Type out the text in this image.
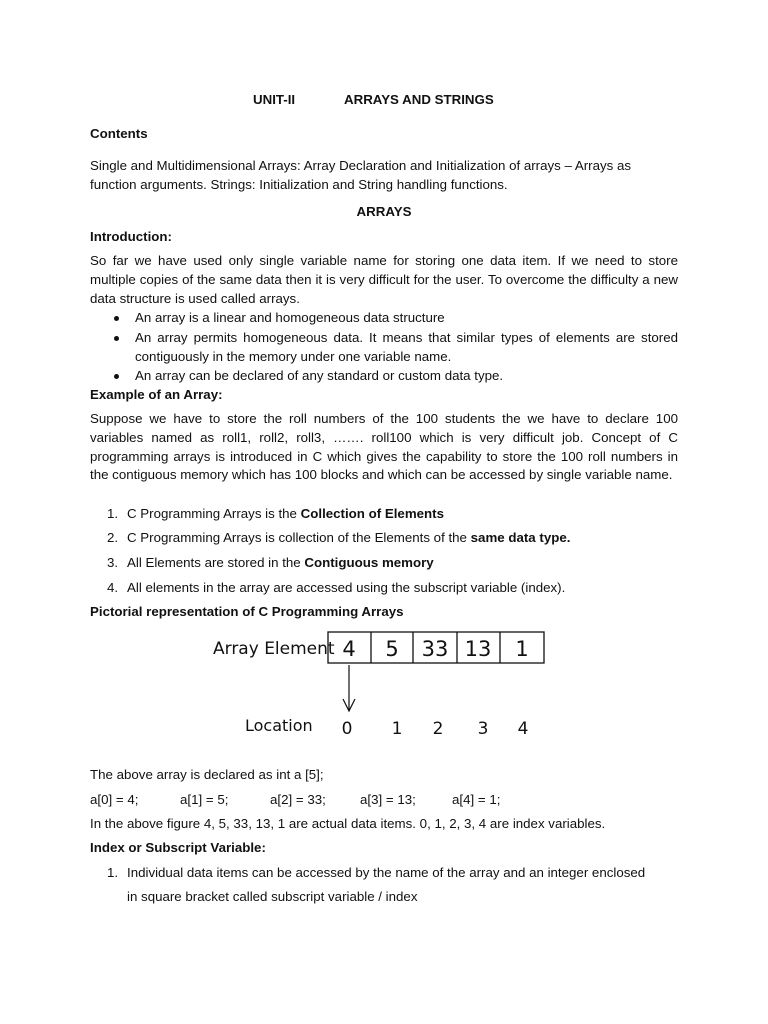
UNIT-II	ARRAYS AND STRINGS
Contents
Single and Multidimensional Arrays: Array Declaration and Initialization of arrays – Arrays as function arguments. Strings: Initialization and String handling functions.
ARRAYS
Introduction:
So far we have used only single variable name for storing one data item. If we need to store multiple copies of the same data then it is very difficult for the user. To overcome the difficulty a new data structure is used called arrays.
An array is a linear and homogeneous data structure
An array permits homogeneous data. It means that similar types of elements are stored contiguously in the memory under one variable name.
An array can be declared of any standard or custom data type.
Example of an Array:
Suppose we have to store the roll numbers of the 100 students the we have to declare 100 variables named as roll1, roll2, roll3, ……. roll100 which is very difficult job. Concept of C programming arrays is introduced in C which gives the capability to store the 100 roll numbers in the contiguous memory which has 100 blocks and which can be accessed by single variable name.
1. C Programming Arrays is the Collection of Elements
2. C Programming Arrays is collection of the Elements of the same data type.
3. All Elements are stored in the Contiguous memory
4. All elements in the array are accessed using the subscript variable (index).
Pictorial representation of C Programming Arrays
Array Element 4 5 33 13 1
Location 0 1 2 3 4
The above array is declared as int a [5];
a[0] = 4;	a[1] = 5;	a[2] = 33;	a[3] = 13;	a[4] = 1;
In the above figure 4, 5, 33, 13, 1 are actual data items. 0, 1, 2, 3, 4 are index variables.
Index or Subscript Variable:
1. Individual data items can be accessed by the name of the array and an integer enclosed
in square bracket called subscript variable / index
